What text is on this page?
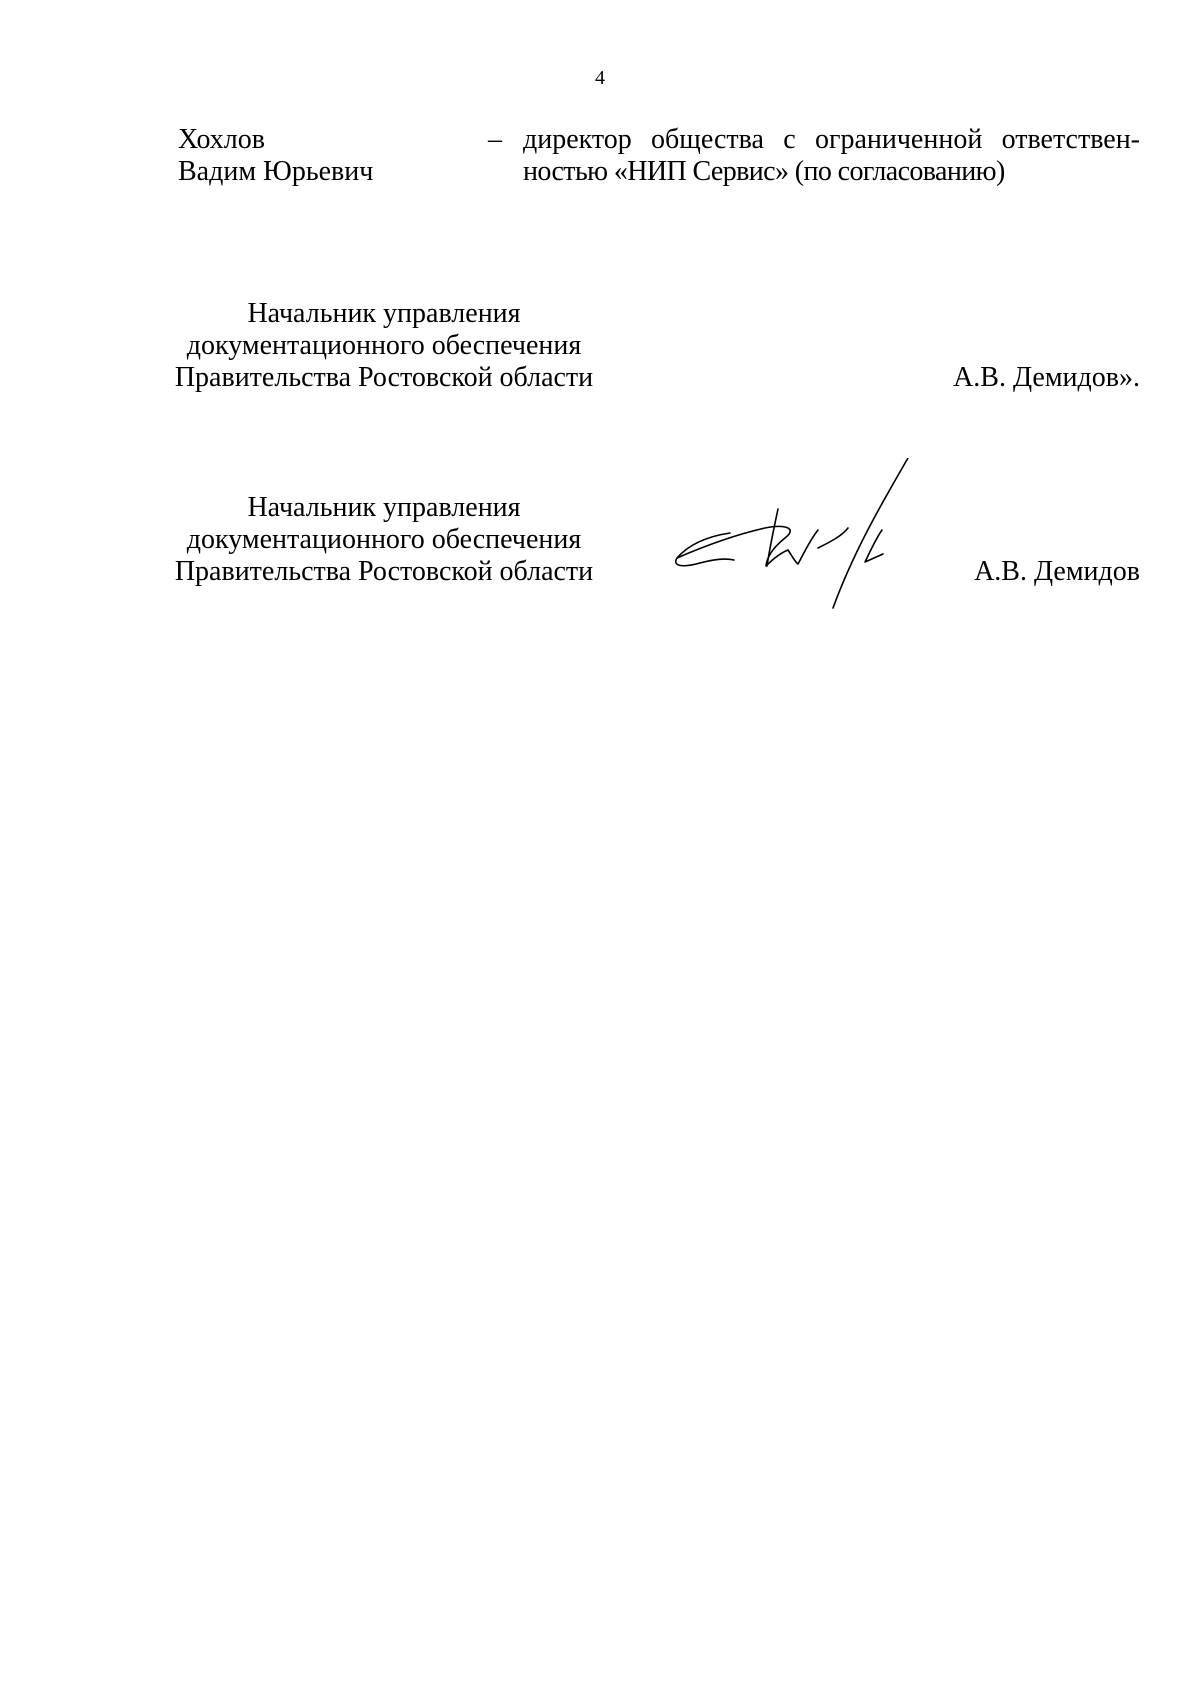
4
Хохлов
Вадим Юрьевич
– директор общества с ограниченной ответствен-
ностью «НИП Сервис» (по согласованию)
Начальник управления
документационного обеспечения
Правительства Ростовской области	А.В. Демидов».
Начальник управления
документационного обеспечения
Правительства Ростовской области	А.В. Демидов
